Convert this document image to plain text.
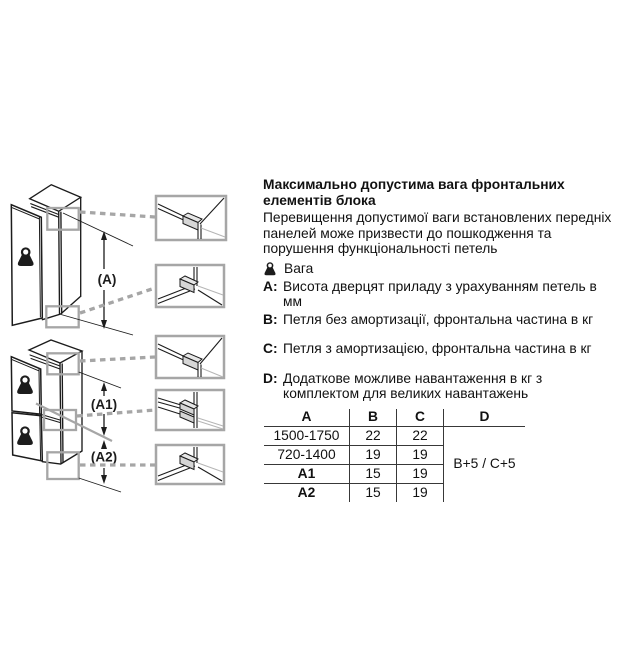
(A)
(A1)
(A2)
Максимально допустима вага фронтальних
елементів блока

Перевищення допустимої ваги встановлених передніх
панелей може призвести до пошкодження та
порушення функціональності петель

Вага
A: Висота дверцят приладу з урахуванням петель в
мм
B: Петля без амортизації, фронтальна частина в кг
C: Петля з амортизацією, фронтальна частина в кг
D: Додаткове можливе навантаження в кг з
комплектом для великих навантажень
A	B	C	D
1500-1750	22	22	B+5 / C+5
720-1400	19	19	
A1	15	19	
A2	15	19	
